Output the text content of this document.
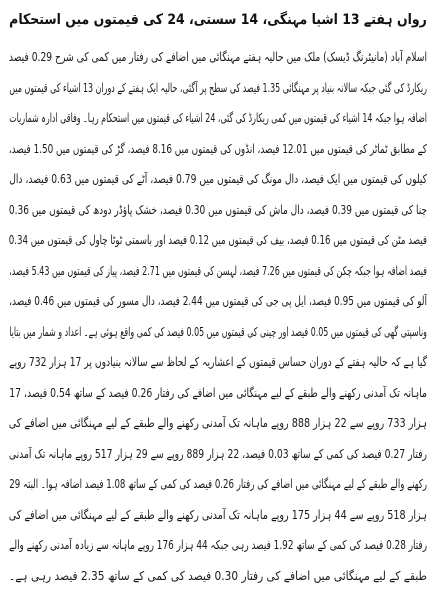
رواں ہفتے 13 اشیا مہنگی، 14 سستی، 24 کی قیمتوں میں استحکام
اسلام آباد (مانیٹرنگ ڈیسک) ملک میں حالیہ ہفتے مہنگائی میں اضافے کی رفتار میں کمی کی شرح 0.29 فیصد
ریکارڈ کی گئی جبکہ سالانہ بنیاد پر مہنگائی 1.35 فیصد کی سطح پر آگئی، حالیہ ایک ہفتے کے دوران 13 اشیاء کی قیمتوں میں
اضافہ ہوا جبکہ 14 اشیاء کی قیمتوں میں کمی ریکارڈ کی گئی، 24 اشیاء کی قیمتوں میں استحکام رہا۔ وفاقی ادارہ شماریات
کے مطابق ٹماٹر کی قیمتوں میں 12.01 فیصد، انڈوں کی قیمتوں میں 8.16 فیصد، گڑ کی قیمتوں میں 1.50 فیصد،
کیلوں کی قیمتوں میں ایک فیصد، دال مونگ کی قیمتوں میں 0.79 فیصد، آٹے کی قیمتوں میں 0.63 فیصد، دال
چنا کی قیمتوں میں 0.39 فیصد، دال ماش کی قیمتوں میں 0.30 فیصد، خشک پاؤڈر دودھ کی قیمتوں میں 0.36
فیصد مٹن کی قیمتوں میں 0.16 فیصد، بیف کی قیمتوں میں 0.12 فیصد اور باسمتی ٹوٹا چاول کی قیمتوں میں 0.34
فیصد اضافہ ہوا جبکہ چکن کی قیمتوں میں 7.26 فیصد، لہسن کی قیمتوں میں 2.71 فیصد، پیاز کی قیمتوں میں 5.43 فیصد،
آلو کی قیمتوں میں 0.95 فیصد، ایل پی جی کی قیمتوں میں 2.44 فیصد، دال مسور کی قیمتوں میں 0.46 فیصد،
وناسپتی گھی کی قیمتوں میں 0.05 فیصد اور چینی کی قیمتوں میں 0.05 فیصد کی کمی واقع ہوئی ہے۔ اعداد و شمار میں بتایا
گیا ہے کہ حالیہ ہفتے کے دوران حساس قیمتوں کے اعشاریہ کے لحاظ سے سالانہ بنیادوں پر 17 ہزار 732 روپے
ماہانہ تک آمدنی رکھنے والے طبقے کے لیے مہنگائی میں اضافے کی رفتار 0.26 فیصد کے ساتھ 0.54 فیصد، 17
ہزار 733 روپے سے 22 ہزار 888 روپے ماہانہ تک آمدنی رکھنے والے طبقے کے لیے مہنگائی میں اضافے کی
رفتار 0.27 فیصد کی کمی کے ساتھ 0.03 فیصد، 22 ہزار 889 روپے سے 29 ہزار 517 روپے ماہانہ تک آمدنی
رکھنے والے طبقے کے لیے مہنگائی میں اضافے کی رفتار 0.26 فیصد کی کمی کے ساتھ 1.08 فیصد اضافہ ہوا۔ البتہ 29
ہزار 518 روپے سے 44 ہزار 175 روپے ماہانہ تک آمدنی رکھنے والے طبقے کے لیے مہنگائی میں اضافے کی
رفتار 0.28 فیصد کی کمی کے ساتھ 1.92 فیصد رہی جبکہ 44 ہزار 176 روپے ماہانہ سے زیادہ آمدنی رکھنے والے
طبقے کے لیے مہنگائی میں اضافے کی رفتار 0.30 فیصد کی کمی کے ساتھ 2.35 فیصد رہی ہے۔
